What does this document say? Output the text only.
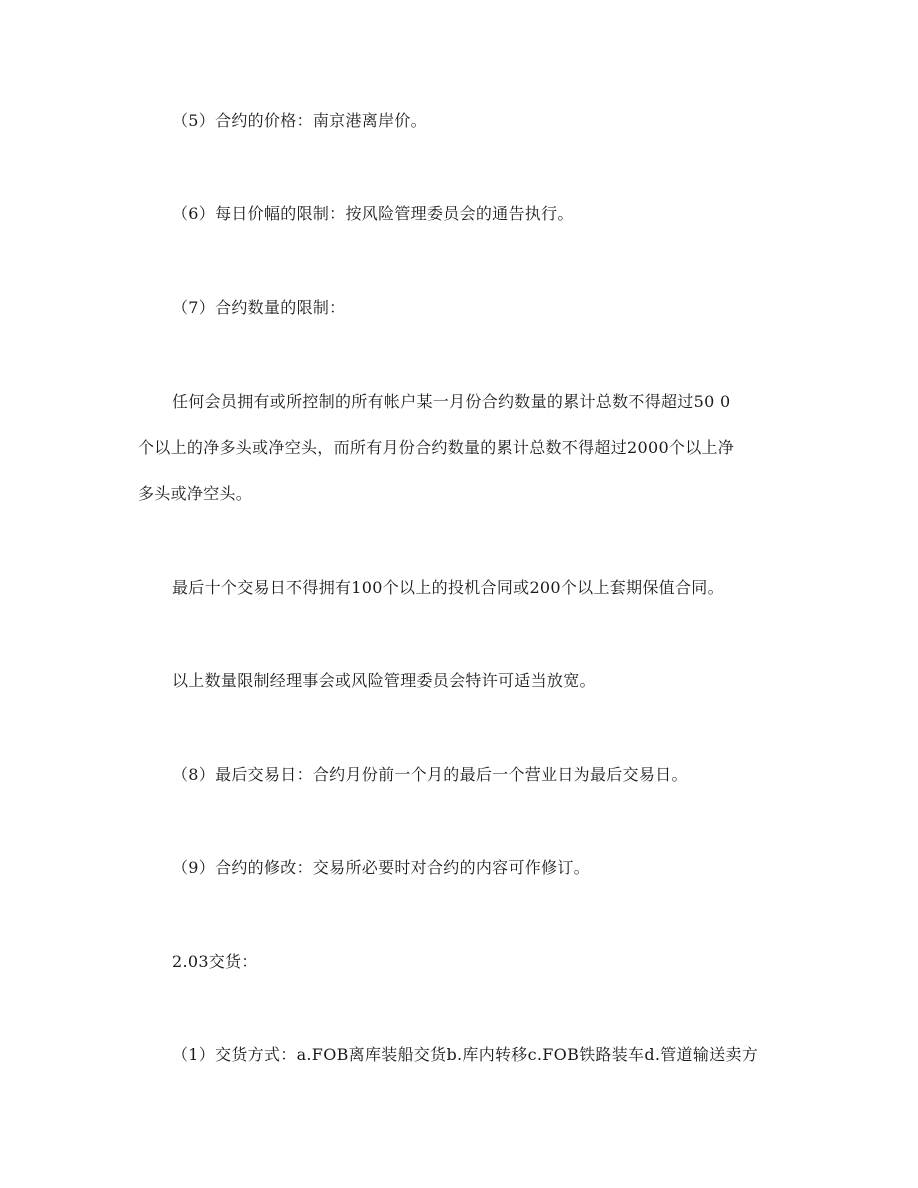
（5）合约的价格：南京港离岸价。
（6）每日价幅的限制：按风险管理委员会的通告执行。
（7）合约数量的限制：
任何会员拥有或所控制的所有帐户某一月份合约数量的累计总数不得超过50 0
个以上的净多头或净空头，而所有月份合约数量的累计总数不得超过2000个以上净
多头或净空头。
最后十个交易日不得拥有100个以上的投机合同或200个以上套期保值合同。
以上数量限制经理事会或风险管理委员会特许可适当放宽。
（8）最后交易日：合约月份前一个月的最后一个营业日为最后交易日。
（9）合约的修改：交易所必要时对合约的内容可作修订。
2.03交货：
（1）交货方式：a.FOB离库装船交货b.库内转移c.FOB铁路装车d.管道输送卖方
